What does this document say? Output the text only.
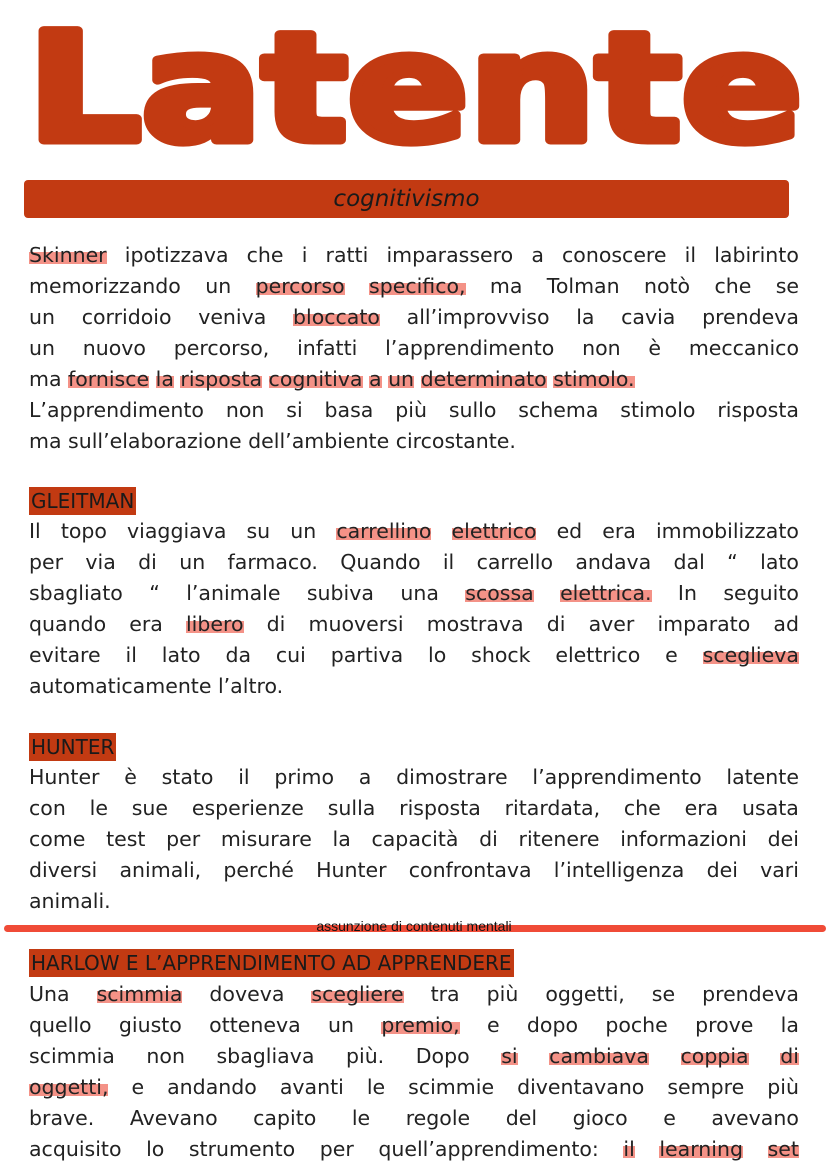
Latente
cognitivismo
Skinner ipotizzava che i ratti imparassero a conoscere il labirinto
memorizzando un percorso specifico, ma Tolman notò che se
un corridoio veniva bloccato all’improvviso la cavia prendeva
un nuovo percorso, infatti l’apprendimento non è meccanico
ma fornisce la risposta cognitiva a un determinato stimolo.
L’apprendimento non si basa più sullo schema stimolo risposta
ma sull’elaborazione dell’ambiente circostante.
GLEITMAN
Il topo viaggiava su un carrellino elettrico ed era immobilizzato
per via di un farmaco. Quando il carrello andava dal “ lato
sbagliato “ l’animale subiva una scossa elettrica. In seguito
quando era libero di muoversi mostrava di aver imparato ad
evitare il lato da cui partiva lo shock elettrico e sceglieva
automaticamente l’altro.
HUNTER
Hunter è stato il primo a dimostrare l’apprendimento latente
con le sue esperienze sulla risposta ritardata, che era usata
come test per misurare la capacità di ritenere informazioni dei
diversi animali, perché Hunter confrontava l’intelligenza dei vari
animali.
assunzione di contenuti mentali
HARLOW E L’APPRENDIMENTO AD APPRENDERE
Una scimmia doveva scegliere tra più oggetti, se prendeva
quello giusto otteneva un premio, e dopo poche prove la
scimmia non sbagliava più. Dopo si cambiava coppia di
oggetti, e andando avanti le scimmie diventavano sempre più
brave. Avevano capito le regole del gioco e avevano
acquisito lo strumento per quell’apprendimento: il learning set
